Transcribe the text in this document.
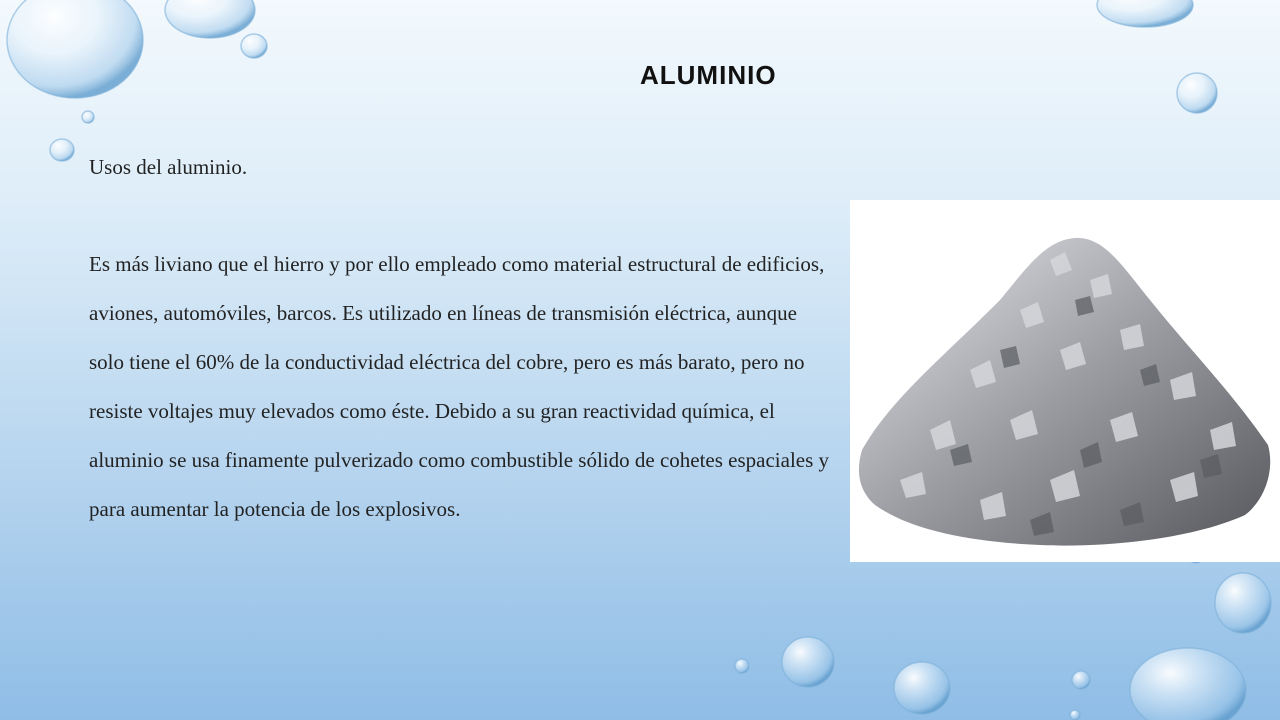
ALUMINIO

Usos del aluminio.

Es más liviano que el hierro y por ello empleado como material estructural de edificios, aviones, automóviles, barcos. Es utilizado en líneas de transmisión eléctrica, aunque solo tiene el 60% de la conductividad eléctrica del cobre, pero es más barato, pero no resiste voltajes muy elevados como éste. Debido a su gran reactividad química, el aluminio se usa finamente pulverizado como combustible sólido de cohetes espaciales y para aumentar la potencia de los explosivos.
